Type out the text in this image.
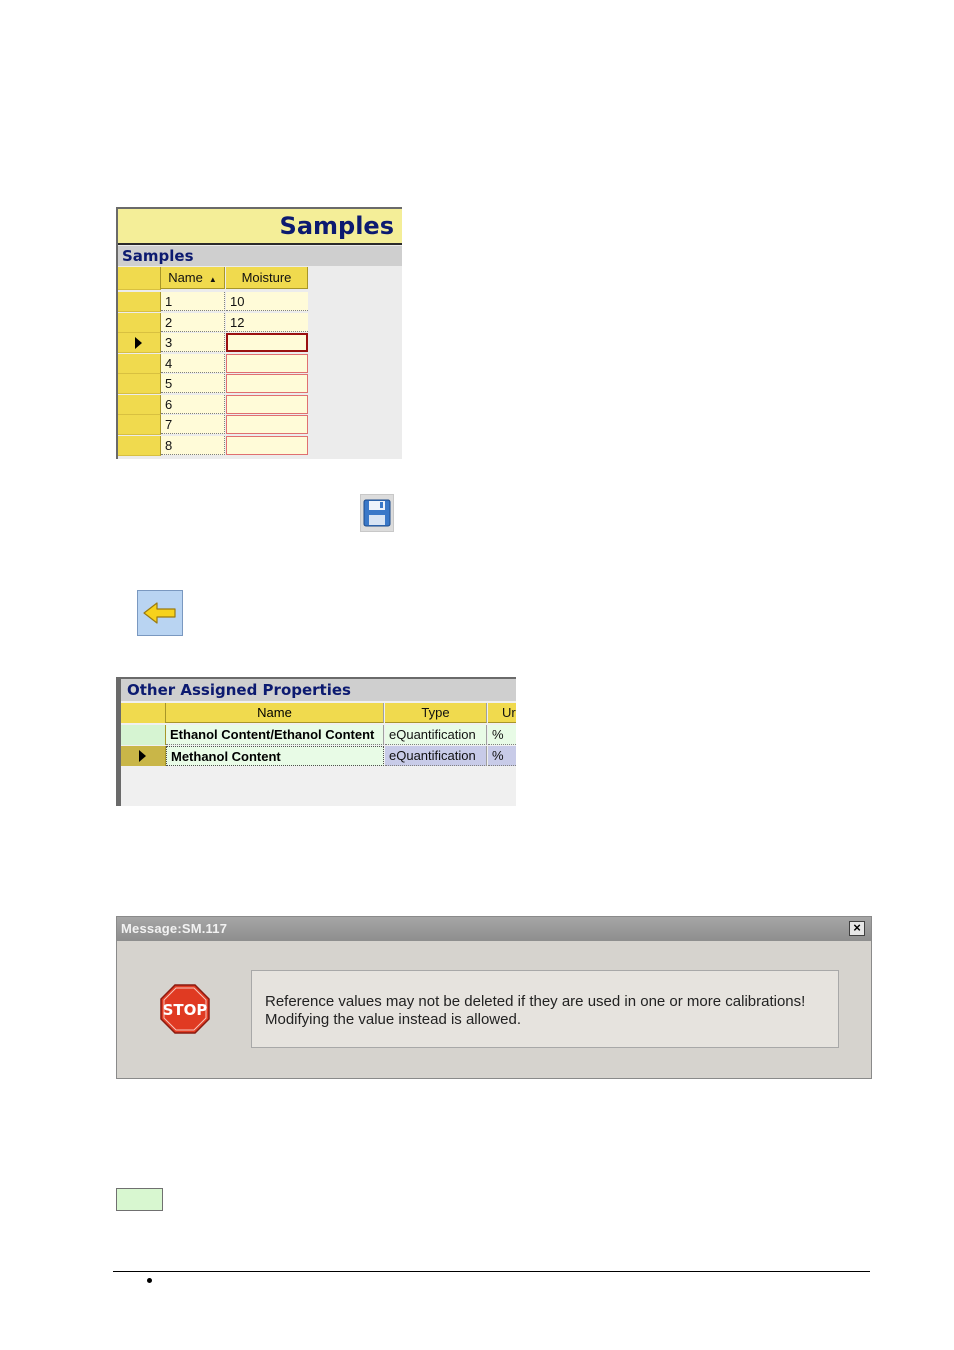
Samples
Samples
Name ▲	Moisture
1	10
2	12
3
4
5
6
7
8
Other Assigned Properties
Name	Type	Ur
Ethanol Content/Ethanol Content	eQuantification	%
Methanol Content	eQuantification	%
Message:SM.117	×
STOP	Reference values may not be deleted if they are used in one or more calibrations!
Modifying the value instead is allowed.
